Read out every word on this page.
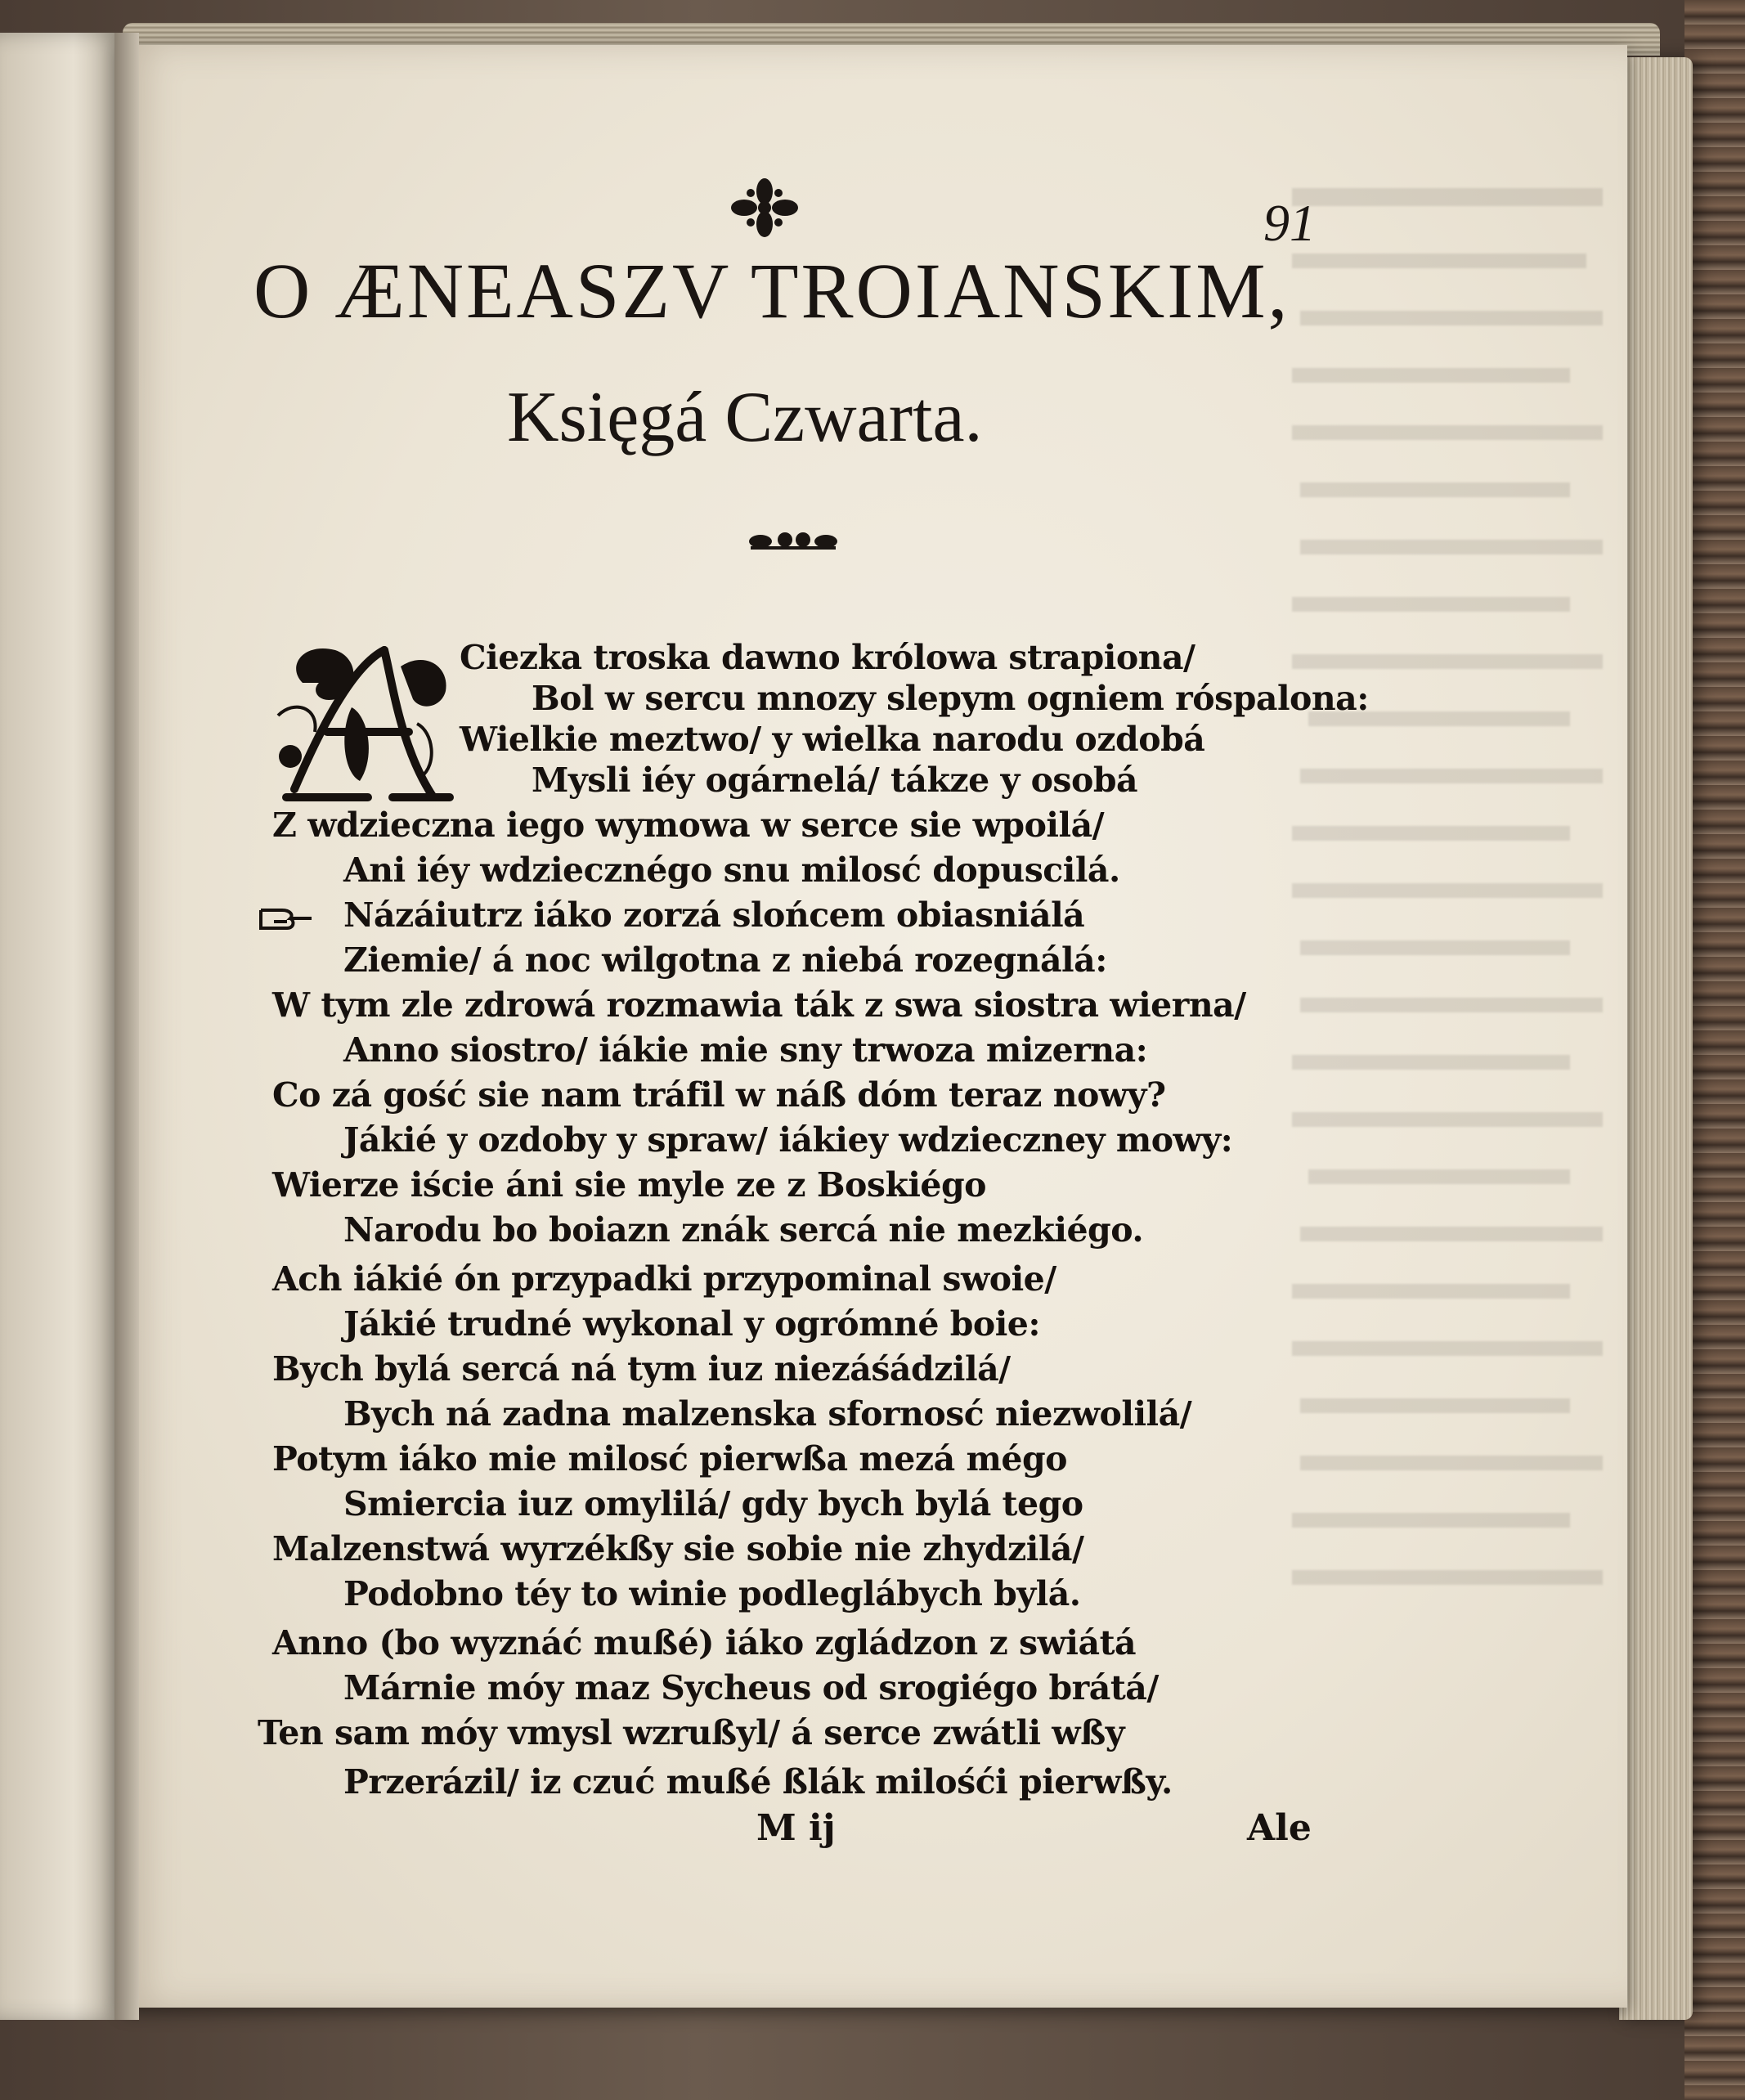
91

O ÆNEASZV TROIANSKIM,
Księgá Czwarta.

Ciezka troska dawno królowa strapiona/

Bol w sercu mnozy slepym ogniem róspalona:

Wielkie meztwo/ y wielka narodu ozdobá

Mysli iéy ogárnelá/ tákze y osobá

Z wdzieczna iego wymowa w serce sie wpoilá/

Ani iéy wdziecznégo snu milosć dopuscilá.

Názáiutrz iáko zorzá slońcem obiasniálá

Ziemie/ á noc wilgotna z niebá rozegnálá:

W tym zle zdrowá rozmawia ták z swa siostra wierna/

Anno siostro/ iákie mie sny trwoza mizerna:

Co zá gość sie nam tráfil w náß dóm teraz nowy?

Jákié y ozdoby y spraw/ iákiey wdzieczney mowy:

Wierze iście áni sie myle ze z Boskiégo

Narodu bo boiazn znák sercá nie mezkiégo.

Ach iákié ón przypadki przypominal swoie/

Jákié trudné wykonal y ogrómné boie:

Bych bylá sercá ná tym iuz niezáśádzilá/

Bych ná zadna malzenska sfornosć niezwolilá/

Potym iáko mie milosć pierwßa mezá mégo

Smiercia iuz omylilá/ gdy bych bylá tego

Malzenstwá wyrzékßy sie sobie nie zhydzilá/

Podobno téy to winie podleglábych bylá.

Anno (bo wyznáć mußé) iáko zgládzon z swiátá

Márnie móy maz Sycheus od srogiégo brátá/

Ten sam móy vmysl wzrußyl/ á serce zwátli wßy

Przerázil/ iz czuć mußé ßlák milośći pierwßy.

M ij	Ale
